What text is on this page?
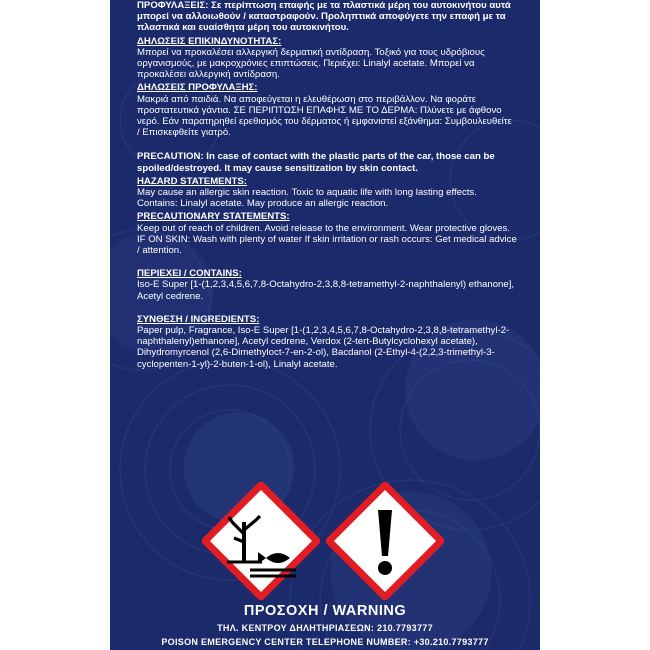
ΠΡΟΦΥΛΑΞΕΙΣ: Σε περίπτωση επαφής με τα πλαστικά μέρη του αυτοκινήτου αυτά μπορεί να αλλοιωθούν / καταστραφούν. Προληπτικά αποφύγετε την επαφή με τα πλαστικά και ευαίσθητα μέρη του αυτοκινήτου.

ΔΗΛΩΣΕΙΣ ΕΠΙΚΙΝΔΥΝΟΤΗΤΑΣ:

Μπορεί να προκαλέσει αλλεργική δερματική αντίδραση. Τοξικό για τους υδρόβιους οργανισμούς, με μακροχρόνιες επιπτώσεις. Περιέχει: Linalyl acetate. Μπορεί να προκαλέσει αλλεργική αντίδραση.

ΔΗΛΩΣΕΙΣ ΠΡΟΦΥΛΑΞΗΣ:

Μακριά από παιδιά. Να αποφεύγεται η ελευθέρωση στο περιβάλλον. Να φοράτε προστατευτικά γάντια. ΣΕ ΠΕΡΙΠΤΩΣΗ ΕΠΑΦΗΣ ΜΕ ΤΟ ΔΕΡΜΑ: Πλύνετε με άφθονο νερό. Εάν παρατηρηθεί ερεθισμός του δέρματος ή εμφανιστεί εξάνθημα: Συμβουλευθείτε / Επισκεφθείτε γιατρό.

PRECAUTION: In case of contact with the plastic parts of the car, those can be spoiled/destroyed. It may cause sensitization by skin contact.

HAZARD STATEMENTS:

May cause an allergic skin reaction. Toxic to aquatic life with long lasting effects. Contains: Linalyl acetate. May produce an allergic reaction.

PRECAUTIONARY STATEMENTS:

Keep out of reach of children. Avoid release to the environment. Wear protective gloves. IF ON SKIN: Wash with plenty of water If skin irritation or rash occurs: Get medical advice / attention.

ΠΕΡΙΕΧΕΙ / CONTAINS:

Iso-E Super [1-(1,2,3,4,5,6,7,8-Octahydro-2,3,8,8-tetramethyl-2-naphthalenyl) ethanone], Acetyl cedrene.

ΣΥΝΘΕΣΗ / INGREDIENTS:

Paper pulp, Fragrance, Iso-E Super [1-(1,2,3,4,5,6,7,8-Octahydro-2,3,8,8-tetramethyl-2-naphthalenyl)ethanone], Acetyl cedrene, Verdox (2-tert-Butylcyclohexyl acetate), Dihydromyrcenol (2,6-Dimethyloct-7-en-2-ol), Bacdanol (2-Ethyl-4-(2,2,3-trimethyl-3-cyclopenten-1-yl)-2-buten-1-ol), Linalyl acetate.

ΠΡΟΣΟΧΗ / WARNING
ΤΗΛ. ΚΕΝΤΡΟΥ ΔΗΛΗΤΗΡΙΑΣΕΩΝ: 210.7793777
POISON EMERGENCY CENTER TELEPHONE NUMBER: +30.210.7793777
